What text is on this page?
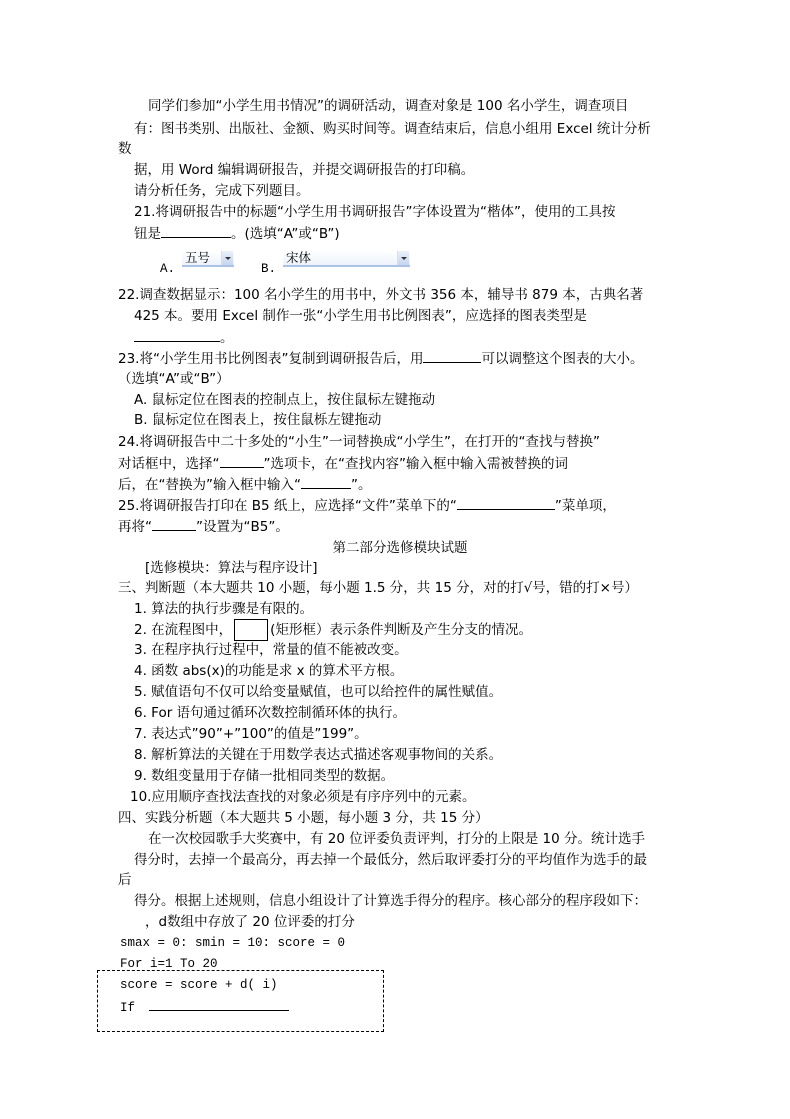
同学们参加“小学生用书情况”的调研活动，调查对象是 100 名小学生，调查项目
有：图书类别、出版社、金额、购买时间等。调查结束后，信息小组用 Excel 统计分析
数
据，用 Word 编辑调研报告，并提交调研报告的打印稿。
请分析任务，完成下列题目。
21.将调研报告中的标题“小学生用书调研报告”字体设置为“楷体”，使用的工具按
钮是	。(选填“A”或“B”)
A.
五号
B.
宋体
22.调查数据显示：100 名小学生的用书中，外文书 356 本，辅导书 879 本，古典名著
425 本。要用 Excel 制作一张“小学生用书比例图表”，应选择的图表类型是
。
23.将“小学生用书比例图表”复制到调研报告后，用	可以调整这个图表的大小。
（选填“A”或“B”）
A. 鼠标定位在图表的控制点上，按住鼠标左键拖动
B. 鼠标定位在图表上，按住鼠栎左键拖动
24.将调研报告中二十多处的“小生”一词替换成“小学生”，在打开的“查找与替换”
对话框中，选择“	”选项卡，在“查找内容”输入框中输入需被替换的词
后，在“替换为”输入框中输入“	”。
25.将调研报告打印在 B5 纸上，应选择“文件”菜单下的“	”菜单项，
再将“	”设置为“B5”。
第二部分选修模块试题
[选修模块：算法与程序设计]
三、判断题（本大题共 10 小题，每小题 1.5 分，共 15 分，对的打√号，错的打×号）
1. 算法的执行步骤是有限的。
2. 在流程图中，	(矩形框）表示条件判断及产生分支的情况。
3. 在程序执行过程中，常量的值不能被改变。
4. 函数 abs(x)的功能是求 x 的算术平方根。
5. 赋值语句不仅可以给变量赋值，也可以给控件的属性赋值。
6. For 语句通过循环次数控制循环体的执行。
7. 表达式”90”+”100”的值是”199”。
8. 解析算法的关键在于用数学表达式描述客观事物间的关系。
9. 数组变量用于存储一批相同类型的数据。
10.应用顺序查找法查找的对象必须是有序序列中的元素。
四、实践分析题（本大题共 5 小题，每小题 3 分，共 15 分）
在一次校园歌手大奖赛中，有 20 位评委负责评判，打分的上限是 10 分。统计选手
得分时，去掉一个最高分，再去掉一个最低分，然后取评委打分的平均值作为选手的最
后
得分。根据上述规则，信息小组设计了计算选手得分的程序。核心部分的程序段如下：
，d数组中存放了 20 位评委的打分
smax = 0: smin = 10: score = 0
For i=1 To 20
score = score + d( i)
If
